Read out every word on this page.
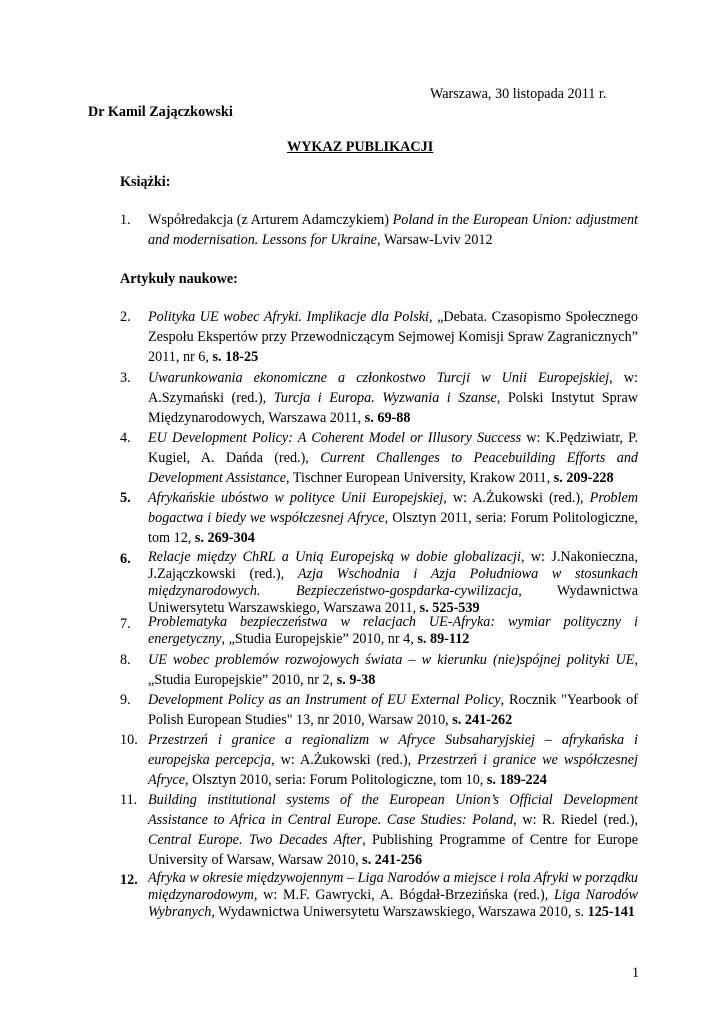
Warszawa, 30 listopada 2011 r.
Dr Kamil Zajączkowski
WYKAZ PUBLIKACJI
Książki:
Artykuły naukowe:
1.	Współredakcja (z Arturem Adamczykiem) Poland in the European Union: adjustment and modernisation. Lessons for Ukraine, Warsaw-Lviv 2012
2.	Polityka UE wobec Afryki. Implikacje dla Polski, „Debata. Czasopismo Społecznego Zespołu Ekspertów przy Przewodniczącym Sejmowej Komisji Spraw Zagranicznych” 2011, nr 6, s. 18-25
3.	Uwarunkowania ekonomiczne a członkostwo Turcji w Unii Europejskiej, w: A.Szymański (red.), Turcja i Europa. Wyzwania i Szanse, Polski Instytut Spraw Międzynarodowych, Warszawa 2011, s. 69-88
4.	EU Development Policy: A Coherent Model or Illusory Success w: K.Pędziwiatr, P. Kugiel, A. Dańda (red.), Current Challenges to Peacebuilding Efforts and Development Assistance, Tischner European University, Krakow 2011, s. 209-228
5.	Afrykańskie ubóstwo w polityce Unii Europejskiej, w: A.Żukowski (red.), Problem bogactwa i biedy we współczesnej Afryce, Olsztyn 2011, seria: Forum Politologiczne, tom 12, s. 269-304
6.	Relacje między ChRL a Unią Europejską w dobie globalizacji, w: J.Nakonieczna, J.Zajączkowski (red.), Azja Wschodnia i Azja Południowa w stosunkach międzynarodowych. Bezpieczeństwo-gospdarka-cywilizacja, Wydawnictwa Uniwersytetu Warszawskiego, Warszawa 2011, s. 525-539
7.	Problematyka bezpieczeństwa w relacjach UE-Afryka: wymiar polityczny i energetyczny, „Studia Europejskie” 2010, nr 4, s. 89-112
8.	UE wobec problemów rozwojowych świata – w kierunku (nie)spójnej polityki UE, „Studia Europejskie” 2010, nr 2, s. 9-38
9.	Development Policy as an Instrument of EU External Policy, Rocznik "Yearbook of Polish European Studies" 13, nr 2010, Warsaw 2010, s. 241-262
10. Przestrzeń i granice a regionalizm w Afryce Subsaharyjskiej – afrykańska i europejska percepcja, w: A.Żukowski (red.), Przestrzeń i granice we współczesnej Afryce, Olsztyn 2010, seria: Forum Politologiczne, tom 10, s. 189-224
11. Building institutional systems of the European Union’s Official Development Assistance to Africa in Central Europe. Case Studies: Poland, w: R. Riedel (red.), Central Europe. Two Decades After, Publishing Programme of Centre for Europe University of Warsaw, Warsaw 2010, s. 241-256
12. Afryka w okresie międzywojennym – Liga Narodów a miejsce i rola Afryki w porządku międzynarodowym, w: M.F. Gawrycki, A. Bógdał-Brzezińska (red.), Liga Narodów Wybranych, Wydawnictwa Uniwersytetu Warszawskiego, Warszawa 2010, s. 125-141
1
